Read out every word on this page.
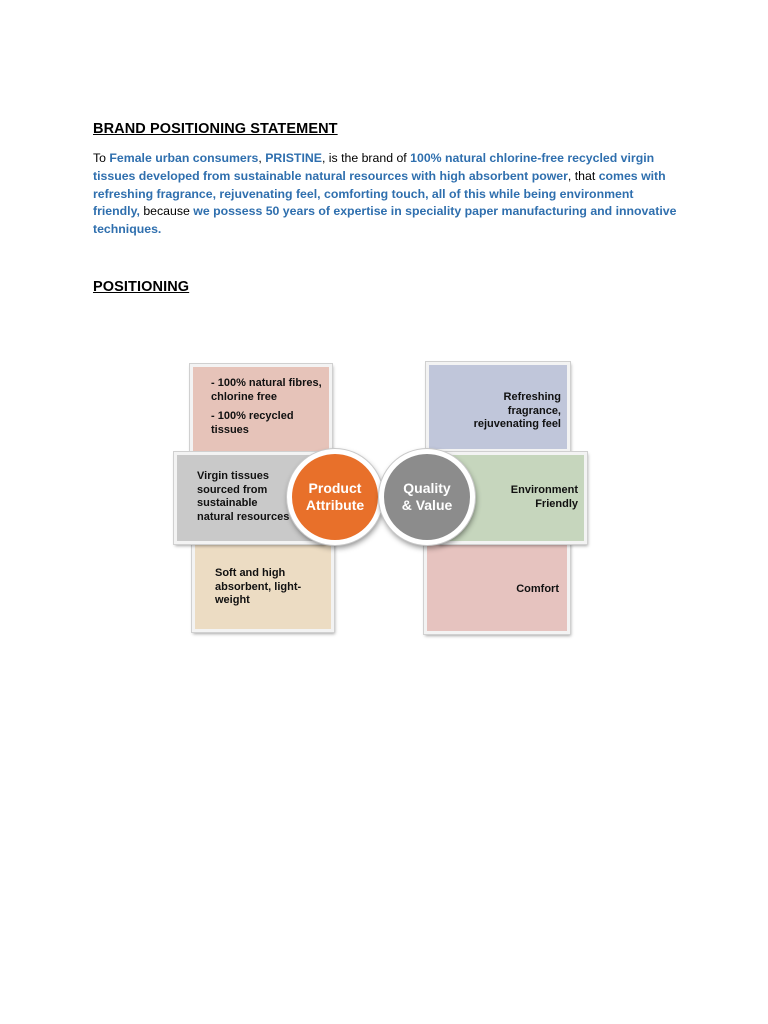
BRAND POSITIONING STATEMENT
To Female urban consumers, PRISTINE, is the brand of 100% natural chlorine-free recycled virgin tissues developed from sustainable natural resources with high absorbent power, that comes with refreshing fragrance, rejuvenating feel, comforting touch, all of this while being environment friendly, because we possess 50 years of expertise in speciality paper manufacturing and innovative techniques.
POSITIONING
- 100% natural fibres, chlorine free
- 100% recycled tissues
Soft and high absorbent, light-weight
Virgin tissues sourced from sustainable natural resources
Refreshing fragrance, rejuvenating feel
Comfort
Environment Friendly
Product
Attribute
Quality
& Value
